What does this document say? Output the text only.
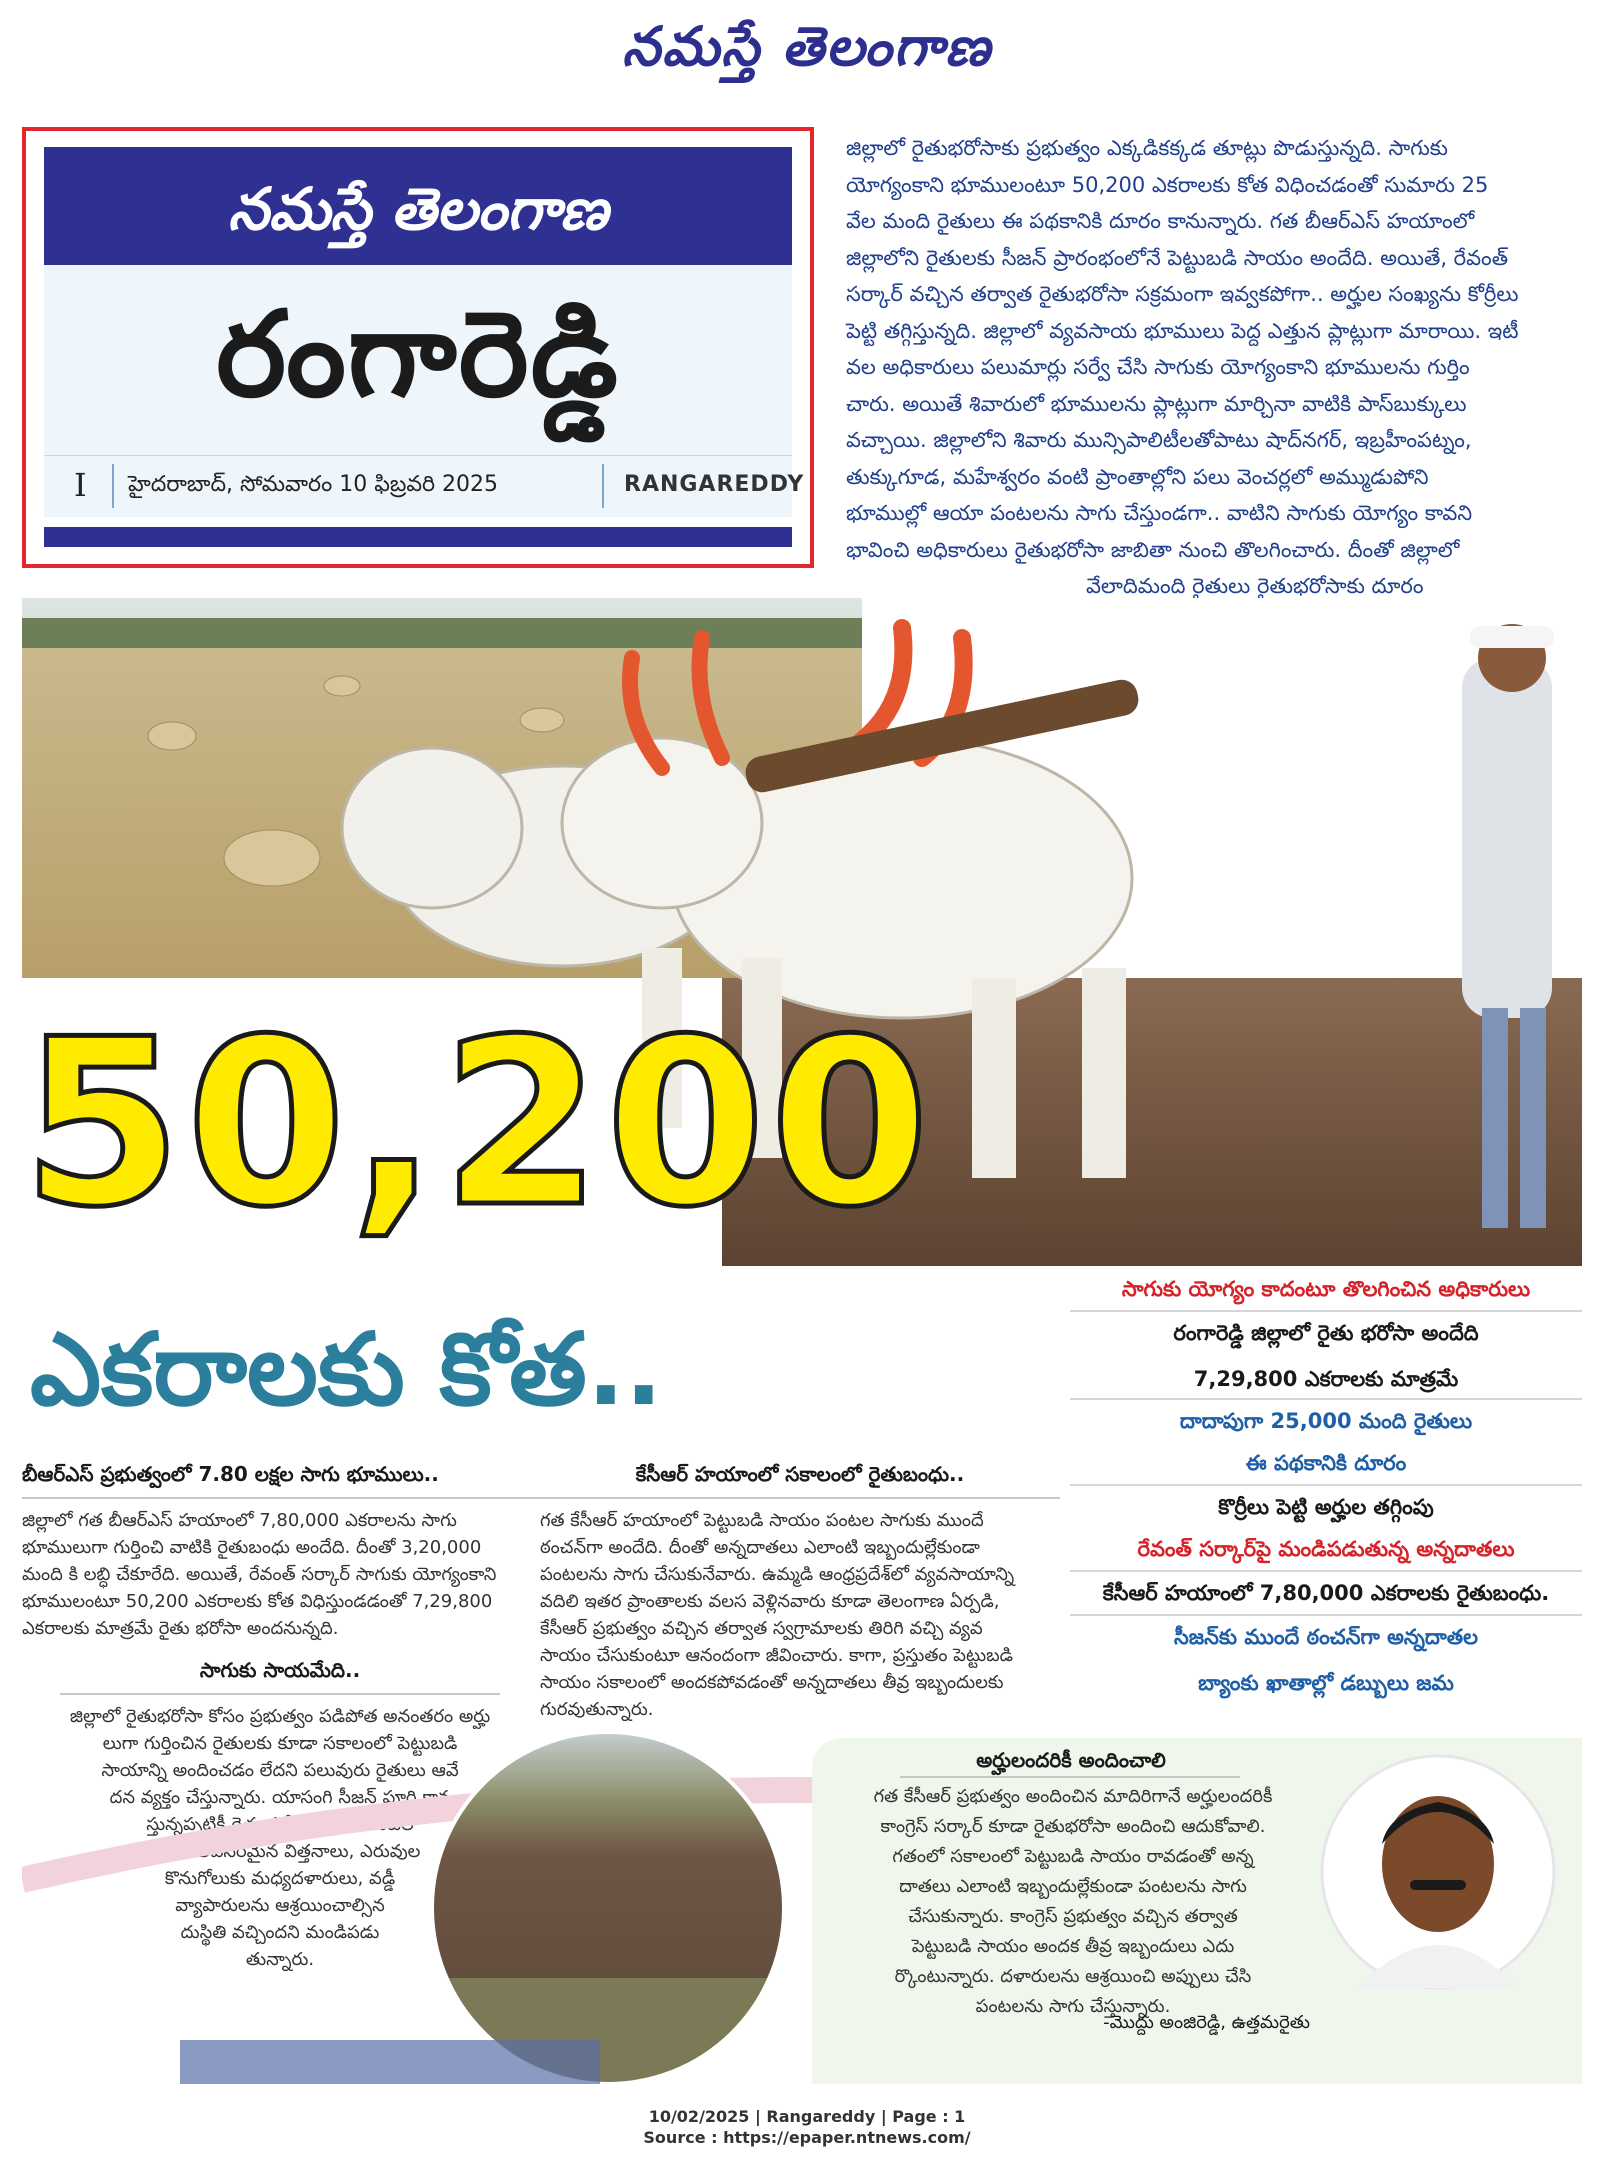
నమస్తే తెలంగాణ
నమస్తే తెలంగాణ
రంగారెడ్డి
I హైదరాబాద్, సోమవారం 10 ఫిబ్రవరి 2025	RANGAREDDY

జిల్లాలో రైతుభరోసాకు ప్రభుత్వం ఎక్కడికక్కడ తూట్లు పొడుస్తున్నది. సాగుకు

యోగ్యంకాని భూములంటూ 50,200 ఎకరాలకు కోత విధించడంతో సుమారు 25

వేల మంది రైతులు ఈ పథకానికి దూరం కానున్నారు. గత బీఆర్ఎస్ హయాంలో

జిల్లాలోని రైతులకు సీజన్ ప్రారంభంలోనే పెట్టుబడి సాయం అందేది. అయితే, రేవంత్

సర్కార్ వచ్చిన తర్వాత రైతుభరోసా సక్రమంగా ఇవ్వకపోగా.. అర్హుల సంఖ్యను కోర్రీలు

పెట్టి తగ్గిస్తున్నది. జిల్లాలో వ్యవసాయ భూములు పెద్ద ఎత్తున ప్లాట్లుగా మారాయి. ఇటీ

వల అధికారులు పలుమార్లు సర్వే చేసి సాగుకు యోగ్యంకాని భూములను గుర్తిం

చారు. అయితే శివారులో భూములను ప్లాట్లుగా మార్చినా వాటికి పాస్‌బుక్కులు

వచ్చాయి. జిల్లాలోని శివారు మున్సిపాలిటీలతోపాటు షాద్‌నగర్, ఇబ్రహీంపట్నం,

తుక్కుగూడ, మహేశ్వరం వంటి ప్రాంతాల్లోని పలు వెంచర్లలో అమ్ముడుపోని

భూముల్లో ఆయా పంటలను సాగు చేస్తుండగా.. వాటిని సాగుకు యోగ్యం కావని

భావించి అధికారులు రైతుభరోసా జాబితా నుంచి తొలగించారు. దీంతో జిల్లాలో

వేలాదిమంది రైతులు రైతుభరోసాకు దూరం

50,200
ఎకరాలకు కోత..
సాగుకు యోగ్యం కాదంటూ తొలగించిన అధికారులు
రంగారెడ్డి జిల్లాలో రైతు భరోసా అందేది
7,29,800 ఎకరాలకు మాత్రమే
దాదాపుగా 25,000 మంది రైతులు
ఈ పథకానికి దూరం
కొర్రీలు పెట్టి అర్హుల తగ్గింపు
రేవంత్ సర్కార్‌పై మండిపడుతున్న అన్నదాతలు
కేసీఆర్ హయాంలో 7,80,000 ఎకరాలకు రైతుబంధు.
సీజన్‌కు ముందే ఠంచన్‌గా అన్నదాతల
బ్యాంకు ఖాతాల్లో డబ్బులు జమ
బీఆర్ఎస్ ప్రభుత్వంలో 7.80 లక్షల సాగు భూములు..
జిల్లాలో గత బీఆర్ఎస్ హయాంలో 7,80,000 ఎకరాలను సాగు
భూములుగా గుర్తించి వాటికి రైతుబంధు అందేది. దీంతో 3,20,000
మంది కి లబ్ధి చేకూరేది. అయితే, రేవంత్ సర్కార్ సాగుకు యోగ్యంకాని
భూములంటూ 50,200 ఎకరాలకు కోత విధిస్తుండడంతో 7,29,800
ఎకరాలకు మాత్రమే రైతు భరోసా అందనున్నది.
కేసీఆర్ హయాంలో సకాలంలో రైతుబంధు..
గత కేసీఆర్ హయాంలో పెట్టుబడి సాయం పంటల సాగుకు ముందే
ఠంచన్‌గా అందేది. దీంతో అన్నదాతలు ఎలాంటి ఇబ్బందుల్లేకుండా
పంటలను సాగు చేసుకునేవారు. ఉమ్మడి ఆంధ్రప్రదేశ్‌లో వ్యవసాయాన్ని
వదిలి ఇతర ప్రాంతాలకు వలస వెళ్లినవారు కూడా తెలంగాణ ఏర్పడి,
కేసీఆర్ ప్రభుత్వం వచ్చిన తర్వాత స్వగ్రామాలకు తిరిగి వచ్చి వ్యవ
సాయం చేసుకుంటూ ఆనందంగా జీవించారు. కాగా, ప్రస్తుతం పెట్టుబడి
సాయం సకాలంలో అందకపోవడంతో అన్నదాతలు తీవ్ర ఇబ్బందులకు
గురవుతున్నారు.
సాగుకు సాయమేది..
జిల్లాలో రైతుభరోసా కోసం ప్రభుత్వం పడిపోత అనంతరం అర్హు
లుగా గుర్తించిన రైతులకు కూడా సకాలంలో పెట్టుబడి
సాయాన్ని అందించడం లేదని పలువురు రైతులు ఆవే
దన వ్యక్తం చేస్తున్నారు. యాసంగి సీజన్ పూర్తి కావ
స్తున్నప్పటికీ రైతుభరోసా అందక పంటల
సాగుకు అవసరమైన విత్తనాలు, ఎరువుల
కొనుగోలుకు మధ్యదళారులు, వడ్డీ
వ్యాపారులను ఆశ్రయించాల్సిన
దుస్థితి వచ్చిందని మండిపడు
తున్నారు.
అర్హులందరికీ అందించాలి
గత కేసీఆర్ ప్రభుత్వం అందించిన మాదిరిగానే అర్హులందరికీ
కాంగ్రెస్ సర్కార్ కూడా రైతుభరోసా అందించి ఆదుకోవాలి.
గతంలో సకాలంలో పెట్టుబడి సాయం రావడంతో అన్న
దాతలు ఎలాంటి ఇబ్బందుల్లేకుండా పంటలను సాగు
చేసుకున్నారు. కాంగ్రెస్ ప్రభుత్వం వచ్చిన తర్వాత
పెట్టుబడి సాయం అందక తీవ్ర ఇబ్బందులు ఎదు
ర్కొంటున్నారు. దళారులను ఆశ్రయించి అప్పులు చేసి
పంటలను సాగు చేస్తున్నారు.
-మొద్దు అంజిరెడ్డి, ఉత్తమరైతు
10/02/2025 | Rangareddy | Page : 1
Source : https://epaper.ntnews.com/
